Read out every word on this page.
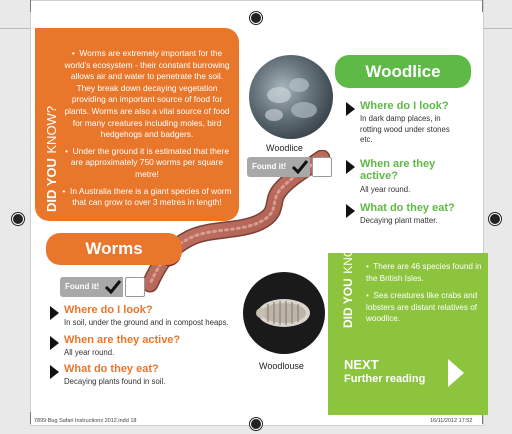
DID YOU KNOW?

•  Worms are extremely important for the world's ecosystem - their constant burrowing allows air and water to penetrate the soil. They break down decaying vegetation providing an important source of food for plants. Worms are also a vital source of food for many creatures including moles, bird hedgehogs and badgers.

•  Under the ground it is estimated that there are approximately 750 worms per square metre!

•  In Australia there is a giant species of worm that can grow to over 3 metres in length!

Woodlice
Woodlice
Found it!
Where do I look?
In dark damp places, in rotting wood under stones etc.
When are they active?
All year round.
What do they eat?
Decaying plant matter.
Worms
Found it!
Where do I look?
In soil, under the ground and in compost heaps.
When are they active?
All year round.
What do they eat?
Decaying plants found in soil.
Woodlouse
DID YOU KNOW? •  There are 46 species found in the British Isles.

•  Sea creatures like crabs and lobsters are distant relatives of woodlice.

NEXT
Further reading
7899 Bug Safari Instructions 2012.indd 18	16/11/2012 17:52
